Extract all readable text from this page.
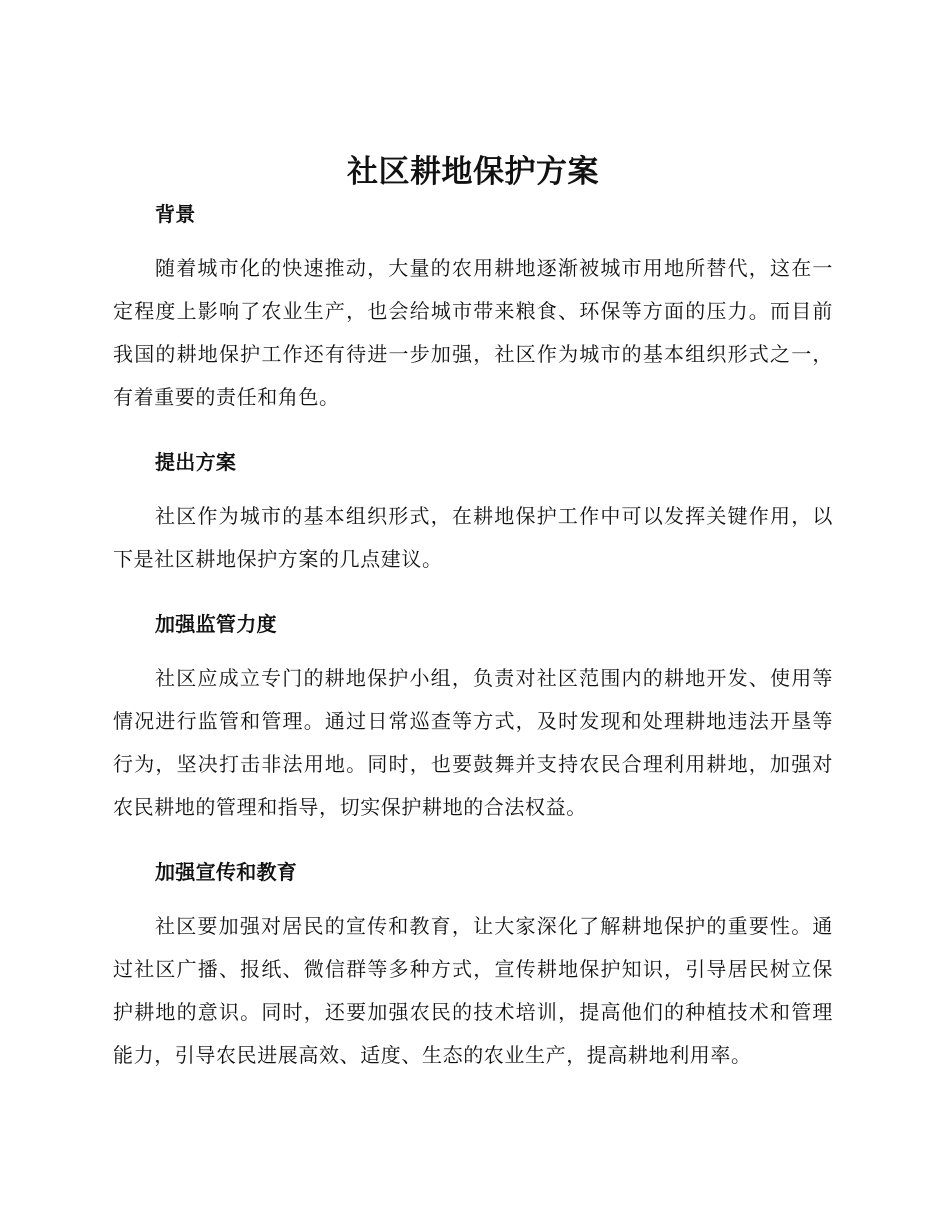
社区耕地保护方案
背景

随着城市化的快速推动，大量的农用耕地逐渐被城市用地所替代，这在一定程度上影响了农业生产，也会给城市带来粮食、环保等方面的压力。而目前我国的耕地保护工作还有待进一步加强，社区作为城市的基本组织形式之一，有着重要的责任和角色。

提出方案

社区作为城市的基本组织形式，在耕地保护工作中可以发挥关键作用，以下是社区耕地保护方案的几点建议。

加强监管力度

社区应成立专门的耕地保护小组，负责对社区范围内的耕地开发、使用等情况进行监管和管理。通过日常巡查等方式，及时发现和处理耕地违法开垦等行为，坚决打击非法用地。同时，也要鼓舞并支持农民合理利用耕地，加强对农民耕地的管理和指导，切实保护耕地的合法权益。

加强宣传和教育

社区要加强对居民的宣传和教育，让大家深化了解耕地保护的重要性。通过社区广播、报纸、微信群等多种方式，宣传耕地保护知识，引导居民树立保护耕地的意识。同时，还要加强农民的技术培训，提高他们的种植技术和管理能力，引导农民进展高效、适度、生态的农业生产，提高耕地利用率。
